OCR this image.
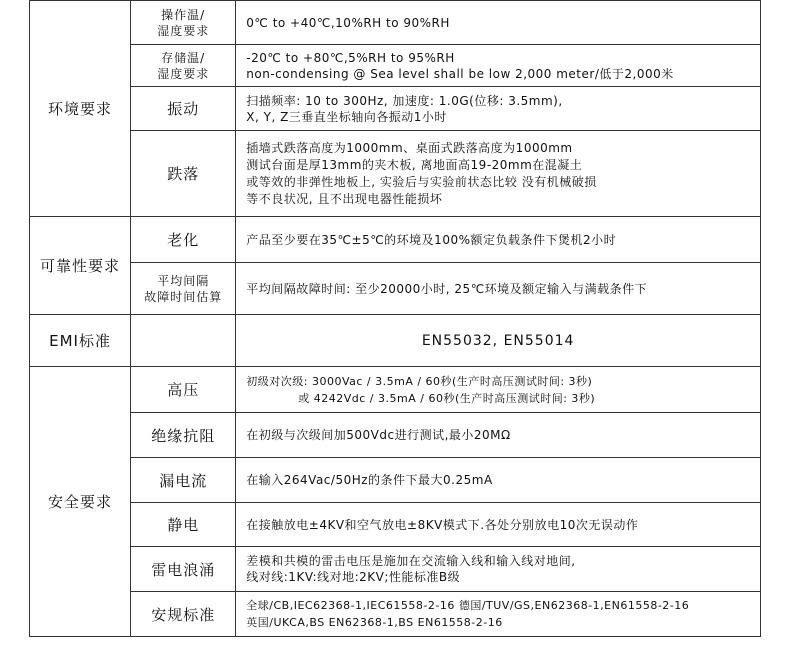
环境要求	操作温/
湿度要求	0℃ to +40℃,10%RH to 90%RH

	存储温/
湿度要求	-20℃ to +80℃,5%RH to 95%RH
non-condensing @ Sea level shall be low 2,000 meter/低于2,000米

	振动	扫描频率: 10 to 300Hz, 加速度: 1.0G(位移: 3.5mm),
X, Y, Z三垂直坐标轴向各振动1小时

	跌落	插墙式跌落高度为1000mm、桌面式跌落高度为1000mm
测试台面是厚13mm的夹木板, 离地面高19-20mm在混凝土
或等效的非弹性地板上, 实验后与实验前状态比较 没有机械破损
等不良状况, 且不出现电器性能损坏

可靠性要求	老化	产品至少要在35℃±5℃的环境及100%额定负载条件下煲机2小时

	平均间隔
故障时间估算	平均间隔故障时间: 至少20000小时, 25℃环境及额定输入与满载条件下
EMI标准		EN55032, EN55014
安全要求	高压	初级对次级: 3000Vac / 3.5mA / 60秒(生产时高压测试时间: 3秒)
或 4242Vdc / 3.5mA / 60秒(生产时高压测试时间: 3秒)

	绝缘抗阻	在初级与次级间加500Vdc进行测试,最小20MΩ
	漏电流	在输入264Vac/50Hz的条件下最大0.25mA
	静电	在接触放电±4KV和空气放电±8KV模式下.各处分别放电10次无误动作
	雷电浪涌	差模和共模的雷击电压是施加在交流输入线和输入线对地间,
线对线:1KV:线对地:2KV;性能标准B级

	安规标准	全球/CB,IEC62368-1,IEC61558-2-16 德国/TUV/GS,EN62368-1,EN61558-2-16
英国/UKCA,BS EN62368-1,BS EN61558-2-16
